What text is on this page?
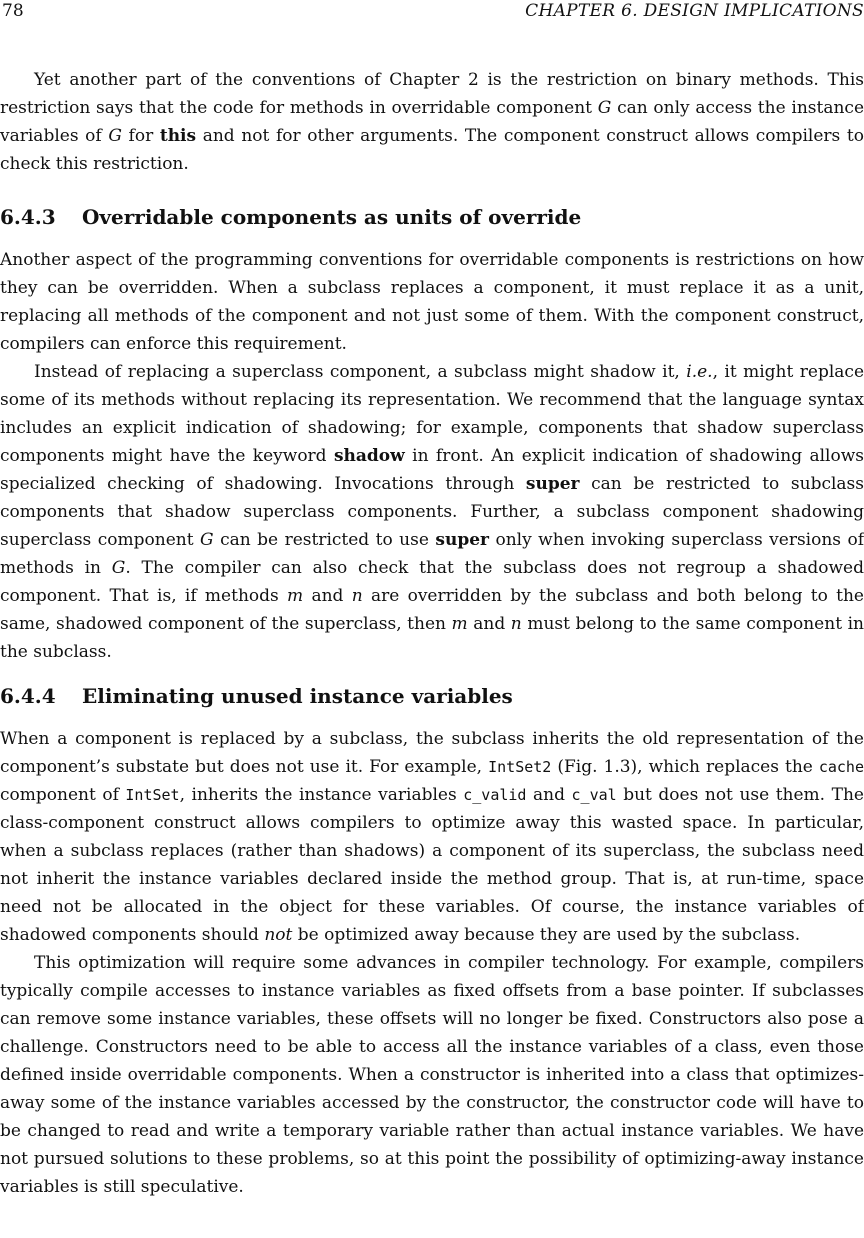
78	CHAPTER 6. DESIGN IMPLICATIONS

Yet another part of the conventions of Chapter 2 is the restriction on binary methods. This restriction says that the code for methods in overridable component G can only access the instance variables of G for this and not for other arguments. The component construct allows compilers to check this restriction.

6.4.3 Overridable components as units of override

Another aspect of the programming conventions for overridable components is restrictions on how they can be overridden. When a subclass replaces a component, it must replace it as a unit, replacing all methods of the component and not just some of them. With the component construct, compilers can enforce this requirement.

Instead of replacing a superclass component, a subclass might shadow it, i.e., it might replace some of its methods without replacing its representation. We recommend that the language syntax includes an explicit indication of shadowing; for example, components that shadow superclass components might have the keyword shadow in front. An explicit indication of shadowing allows specialized checking of shadowing. Invocations through super can be restricted to subclass components that shadow superclass components. Further, a subclass component shadowing superclass component G can be restricted to use super only when invoking superclass versions of methods in G. The compiler can also check that the subclass does not regroup a shadowed component. That is, if methods m and n are overridden by the subclass and both belong to the same, shadowed component of the superclass, then m and n must belong to the same component in the subclass.

6.4.4 Eliminating unused instance variables

When a component is replaced by a subclass, the subclass inherits the old representation of the component’s substate but does not use it. For example, IntSet2 (Fig. 1.3), which replaces the cache component of IntSet, inherits the instance variables c_valid and c_val but does not use them. The class-component construct allows compilers to optimize away this wasted space. In particular, when a subclass replaces (rather than shadows) a component of its superclass, the subclass need not inherit the instance variables declared inside the method group. That is, at run-time, space need not be allocated in the object for these variables. Of course, the instance variables of shadowed components should not be optimized away because they are used by the subclass.

This optimization will require some advances in compiler technology. For example, compilers typically compile accesses to instance variables as fixed offsets from a base pointer. If subclasses can remove some instance variables, these offsets will no longer be fixed. Constructors also pose a challenge. Constructors need to be able to access all the instance variables of a class, even those defined inside overridable components. When a constructor is inherited into a class that optimizes-away some of the instance variables accessed by the constructor, the constructor code will have to be changed to read and write a temporary variable rather than actual instance variables. We have not pursued solutions to these problems, so at this point the possibility of optimizing-away instance variables is still speculative.
